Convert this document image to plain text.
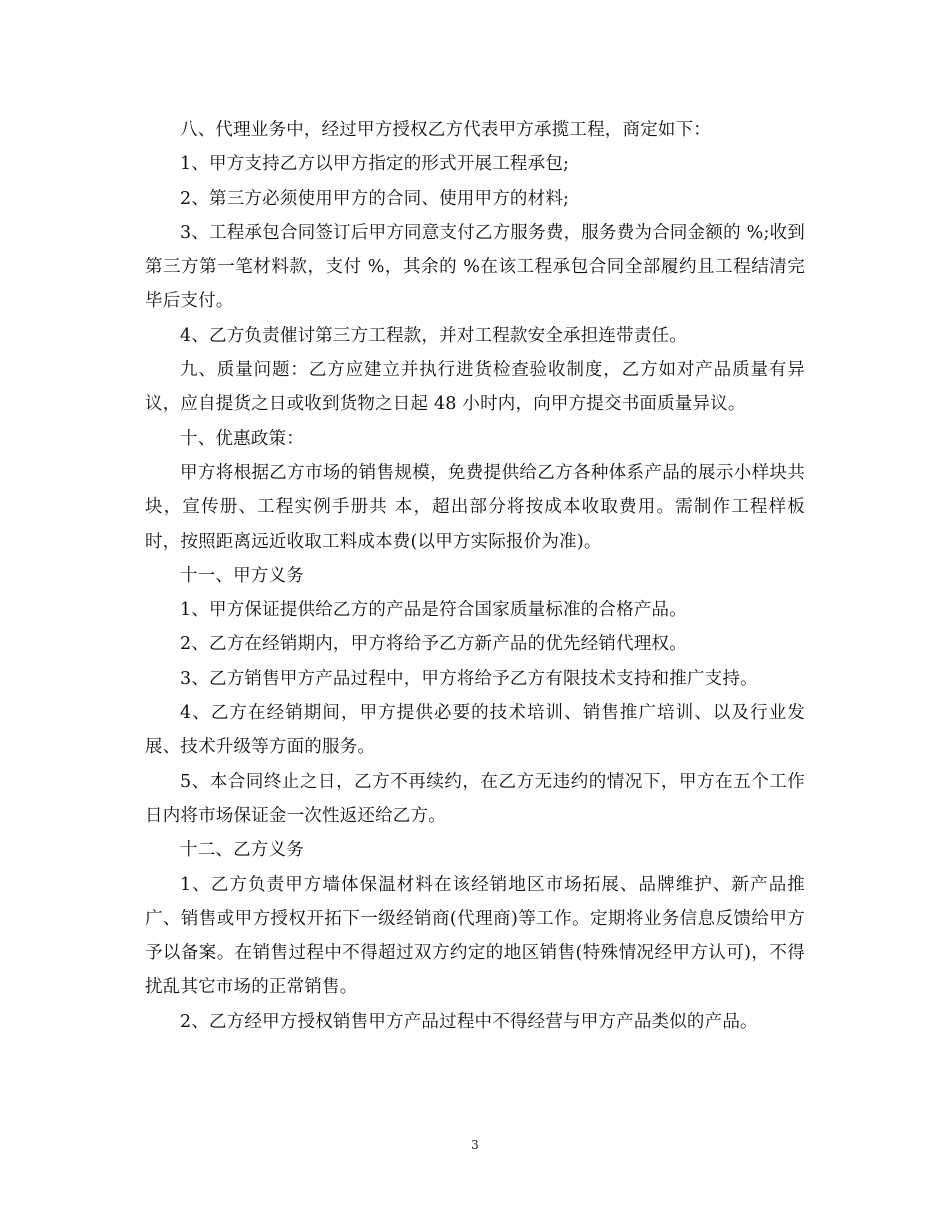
八、代理业务中，经过甲方授权乙方代表甲方承揽工程，商定如下：

1、甲方支持乙方以甲方指定的形式开展工程承包;

2、第三方必须使用甲方的合同、使用甲方的材料;

3、工程承包合同签订后甲方同意支付乙方服务费，服务费为合同金额的 %;收到第三方第一笔材料款，支付 %，其余的 %在该工程承包合同全部履约且工程结清完毕后支付。

4、乙方负责催讨第三方工程款，并对工程款安全承担连带责任。

九、质量问题：乙方应建立并执行进货检查验收制度，乙方如对产品质量有异议，应自提货之日或收到货物之日起 48 小时内，向甲方提交书面质量异议。

十、优惠政策：

甲方将根据乙方市场的销售规模，免费提供给乙方各种体系产品的展示小样块共 块，宣传册、工程实例手册共 本，超出部分将按成本收取费用。需制作工程样板时，按照距离远近收取工料成本费(以甲方实际报价为准)。

十一、甲方义务

1、甲方保证提供给乙方的产品是符合国家质量标准的合格产品。

2、乙方在经销期内，甲方将给予乙方新产品的优先经销代理权。

3、乙方销售甲方产品过程中，甲方将给予乙方有限技术支持和推广支持。

4、乙方在经销期间，甲方提供必要的技术培训、销售推广培训、以及行业发展、技术升级等方面的服务。

5、本合同终止之日，乙方不再续约，在乙方无违约的情况下，甲方在五个工作日内将市场保证金一次性返还给乙方。

十二、乙方义务

1、乙方负责甲方墙体保温材料在该经销地区市场拓展、品牌维护、新产品推广、销售或甲方授权开拓下一级经销商(代理商)等工作。定期将业务信息反馈给甲方予以备案。在销售过程中不得超过双方约定的地区销售(特殊情况经甲方认可)，不得扰乱其它市场的正常销售。

2、乙方经甲方授权销售甲方产品过程中不得经营与甲方产品类似的产品。

3
